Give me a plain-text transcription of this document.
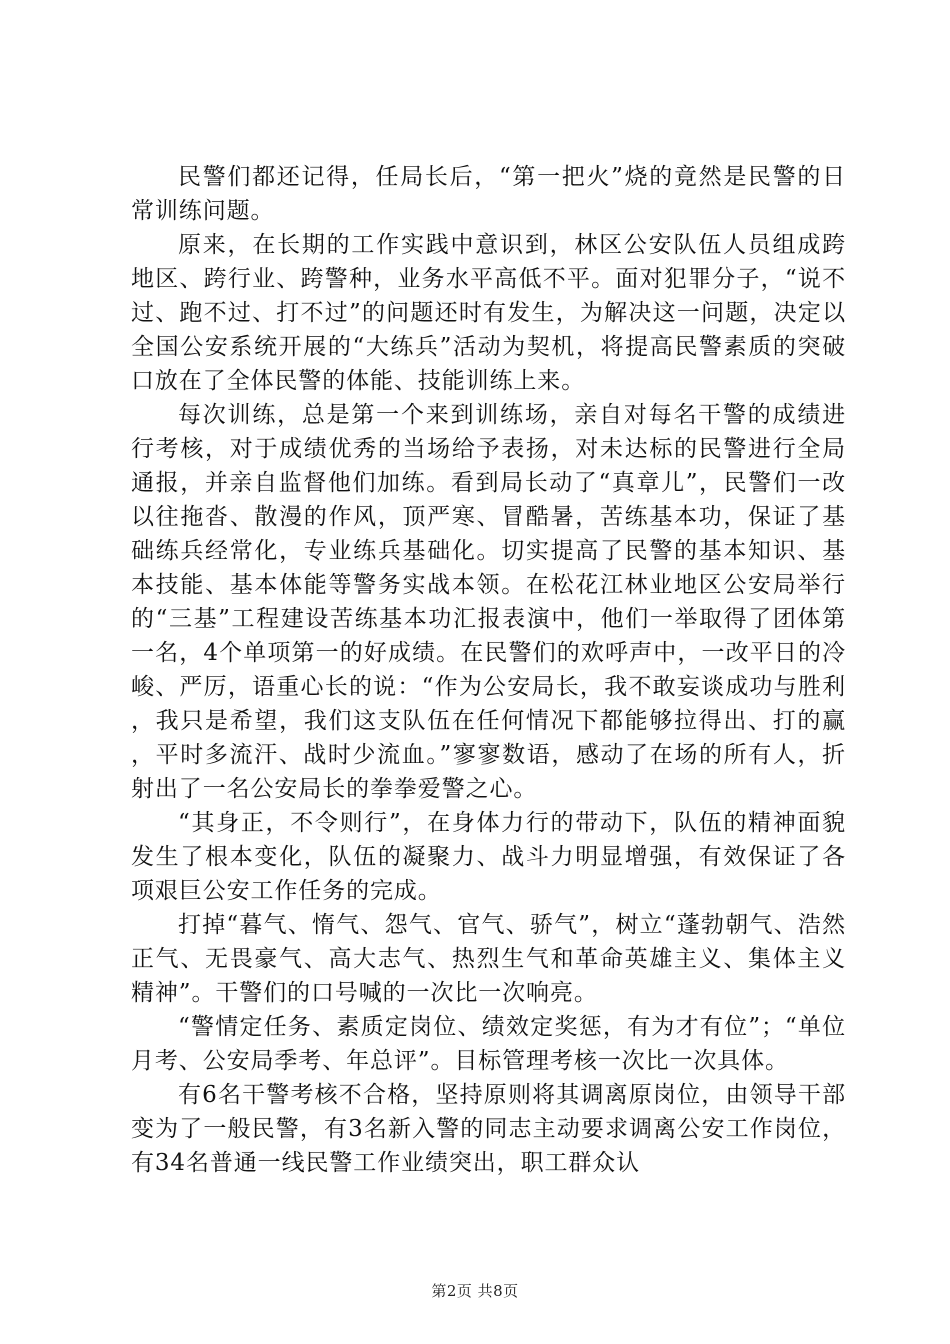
民警们都还记得，任局长后，“第一把火”烧的竟然是民警的日常训练问题。

原来，在长期的工作实践中意识到，林区公安队伍人员组成跨地区、跨行业、跨警种，业务水平高低不平。面对犯罪分子，“说不过、跑不过、打不过”的问题还时有发生，为解决这一问题，决定以全国公安系统开展的“大练兵”活动为契机，将提高民警素质的突破口放在了全体民警的体能、技能训练上来。

每次训练，总是第一个来到训练场，亲自对每名干警的成绩进行考核，对于成绩优秀的当场给予表扬，对未达标的民警进行全局通报，并亲自监督他们加练。看到局长动了“真章儿”，民警们一改以往拖沓、散漫的作风，顶严寒、冒酷暑，苦练基本功，保证了基础练兵经常化，专业练兵基础化。切实提高了民警的基本知识、基本技能、基本体能等警务实战本领。在松花江林业地区公安局举行的“三基”工程建设苦练基本功汇报表演中，他们一举取得了团体第一名，4个单项第一的好成绩。在民警们的欢呼声中，一改平日的冷峻、严厉，语重心长的说：“作为公安局长，我不敢妄谈成功与胜利，我只是希望，我们这支队伍在任何情况下都能够拉得出、打的赢，平时多流汗、战时少流血。”寥寥数语，感动了在场的所有人，折射出了一名公安局长的拳拳爱警之心。

“其身正，不令则行”，在身体力行的带动下，队伍的精神面貌发生了根本变化，队伍的凝聚力、战斗力明显增强，有效保证了各项艰巨公安工作任务的完成。

打掉“暮气、惰气、怨气、官气、骄气”，树立“蓬勃朝气、浩然正气、无畏豪气、高大志气、热烈生气和革命英雄主义、集体主义精神”。干警们的口号喊的一次比一次响亮。

“警情定任务、素质定岗位、绩效定奖惩，有为才有位”；“单位月考、公安局季考、年总评”。目标管理考核一次比一次具体。

有6名干警考核不合格，坚持原则将其调离原岗位，由领导干部变为了一般民警，有3名新入警的同志主动要求调离公安工作岗位，有34名普通一线民警工作业绩突出，职工群众认

第2页 共8页
